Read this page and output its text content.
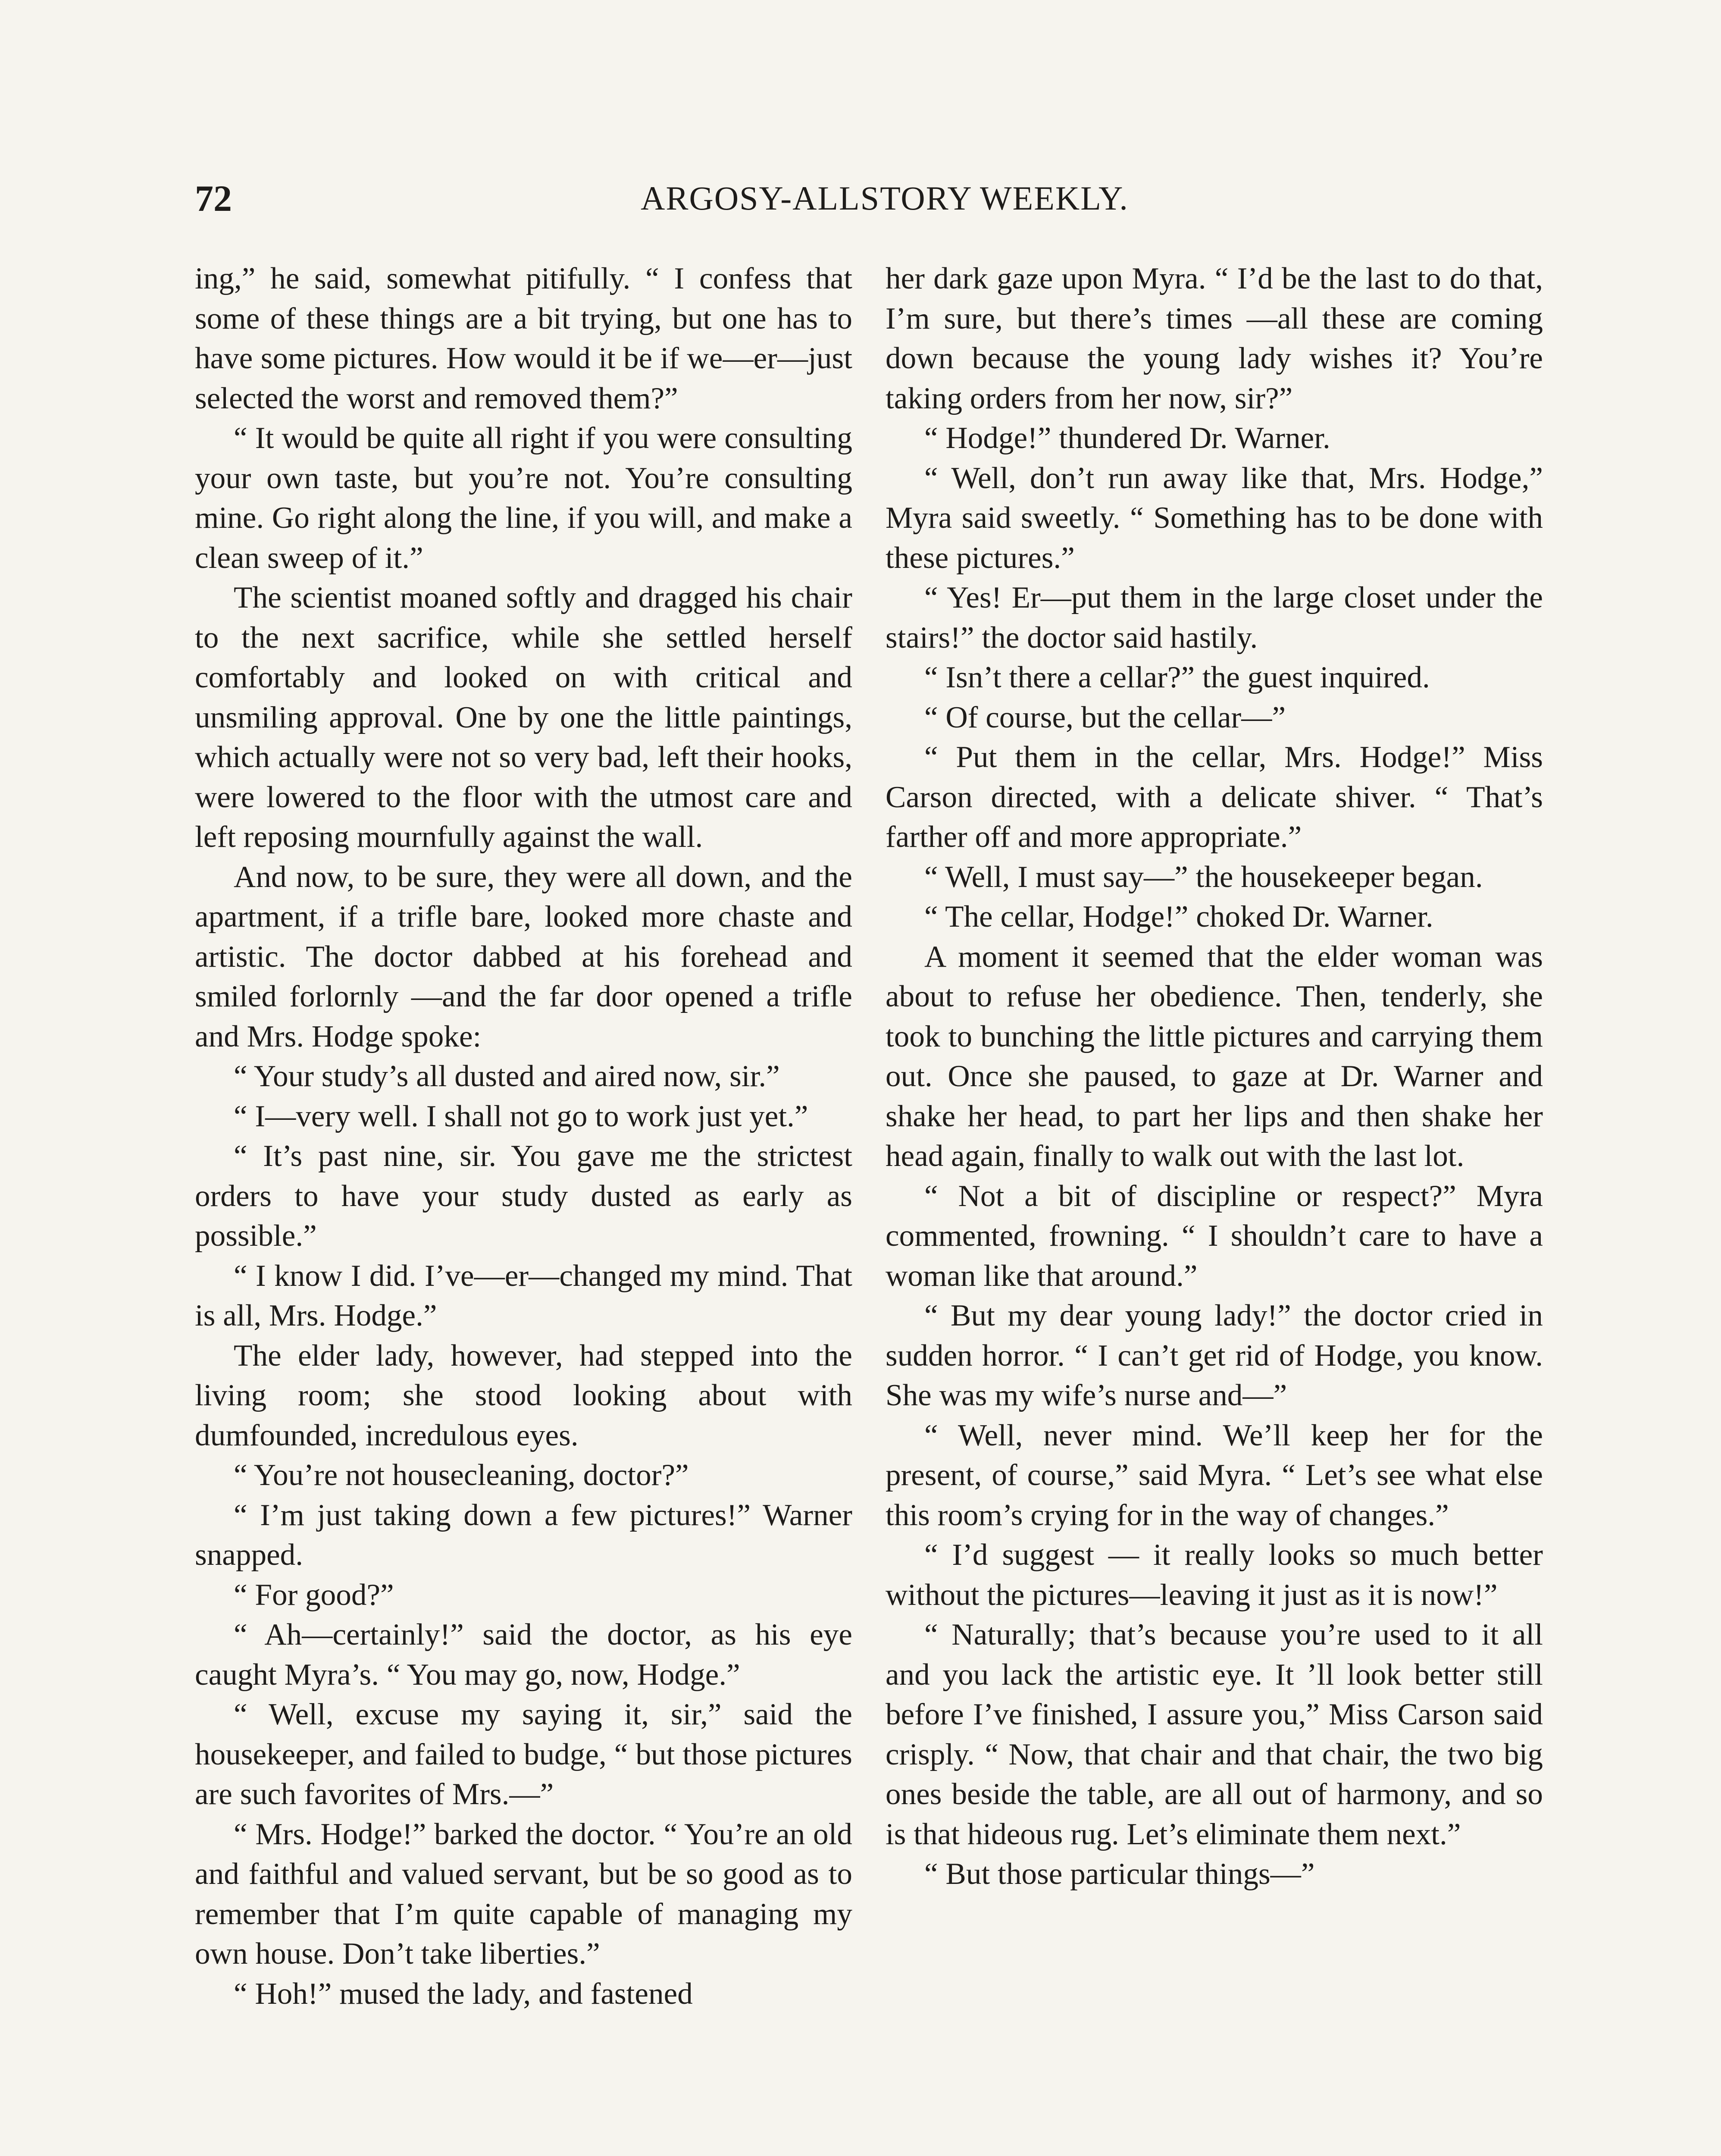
72	ARGOSY-ALLSTORY WEEKLY.

ing,” he said, somewhat pitifully. “ I confess that some of these things are a bit trying, but one has to have some pictures. How would it be if we—er—just selected the worst and removed them?”

“ It would be quite all right if you were consulting your own taste, but you’re not. You’re consulting mine. Go right along the line, if you will, and make a clean sweep of it.”

The scientist moaned softly and dragged his chair to the next sacrifice, while she settled herself comfortably and looked on with critical and unsmiling approval. One by one the little paintings, which actually were not so very bad, left their hooks, were lowered to the floor with the utmost care and left reposing mournfully against the wall.

And now, to be sure, they were all down, and the apartment, if a trifle bare, looked more chaste and artistic. The doctor dabbed at his forehead and smiled forlornly —and the far door opened a trifle and Mrs. Hodge spoke:

“ Your study’s all dusted and aired now, sir.”

“ I—very well. I shall not go to work just yet.”

“ It’s past nine, sir. You gave me the strictest orders to have your study dusted as early as possible.”

“ I know I did. I’ve—er—changed my mind. That is all, Mrs. Hodge.”

The elder lady, however, had stepped into the living room; she stood looking about with dumfounded, incredulous eyes.

“ You’re not housecleaning, doctor?”

“ I’m just taking down a few pictures!” Warner snapped.

“ For good?”

“ Ah—certainly!” said the doctor, as his eye caught Myra’s. “ You may go, now, Hodge.”

“ Well, excuse my saying it, sir,” said the housekeeper, and failed to budge, “ but those pictures are such favorites of Mrs.—”

“ Mrs. Hodge!” barked the doctor. “ You’re an old and faithful and valued servant, but be so good as to remember that I’m quite capable of managing my own house. Don’t take liberties.”

“ Hoh!” mused the lady, and fastened

her dark gaze upon Myra. “ I’d be the last to do that, I’m sure, but there’s times —all these are coming down because the young lady wishes it? You’re taking orders from her now, sir?”

“ Hodge!” thundered Dr. Warner.

“ Well, don’t run away like that, Mrs. Hodge,” Myra said sweetly. “ Something has to be done with these pictures.”

“ Yes! Er—put them in the large closet under the stairs!” the doctor said hastily.

“ Isn’t there a cellar?” the guest inquired.

“ Of course, but the cellar—”

“ Put them in the cellar, Mrs. Hodge!” Miss Carson directed, with a delicate shiver. “ That’s farther off and more appropriate.”

“ Well, I must say—” the housekeeper began.

“ The cellar, Hodge!” choked Dr. Warner.

A moment it seemed that the elder woman was about to refuse her obedience. Then, tenderly, she took to bunching the little pictures and carrying them out. Once she paused, to gaze at Dr. Warner and shake her head, to part her lips and then shake her head again, finally to walk out with the last lot.

“ Not a bit of discipline or respect?” Myra commented, frowning. “ I shouldn’t care to have a woman like that around.”

“ But my dear young lady!” the doctor cried in sudden horror. “ I can’t get rid of Hodge, you know. She was my wife’s nurse and—”

“ Well, never mind. We’ll keep her for the present, of course,” said Myra. “ Let’s see what else this room’s crying for in the way of changes.”

“ I’d suggest — it really looks so much better without the pictures—leaving it just as it is now!”

“ Naturally; that’s because you’re used to it all and you lack the artistic eye. It ’ll look better still before I’ve finished, I assure you,” Miss Carson said crisply. “ Now, that chair and that chair, the two big ones beside the table, are all out of harmony, and so is that hideous rug. Let’s eliminate them next.”

“ But those particular things—”
